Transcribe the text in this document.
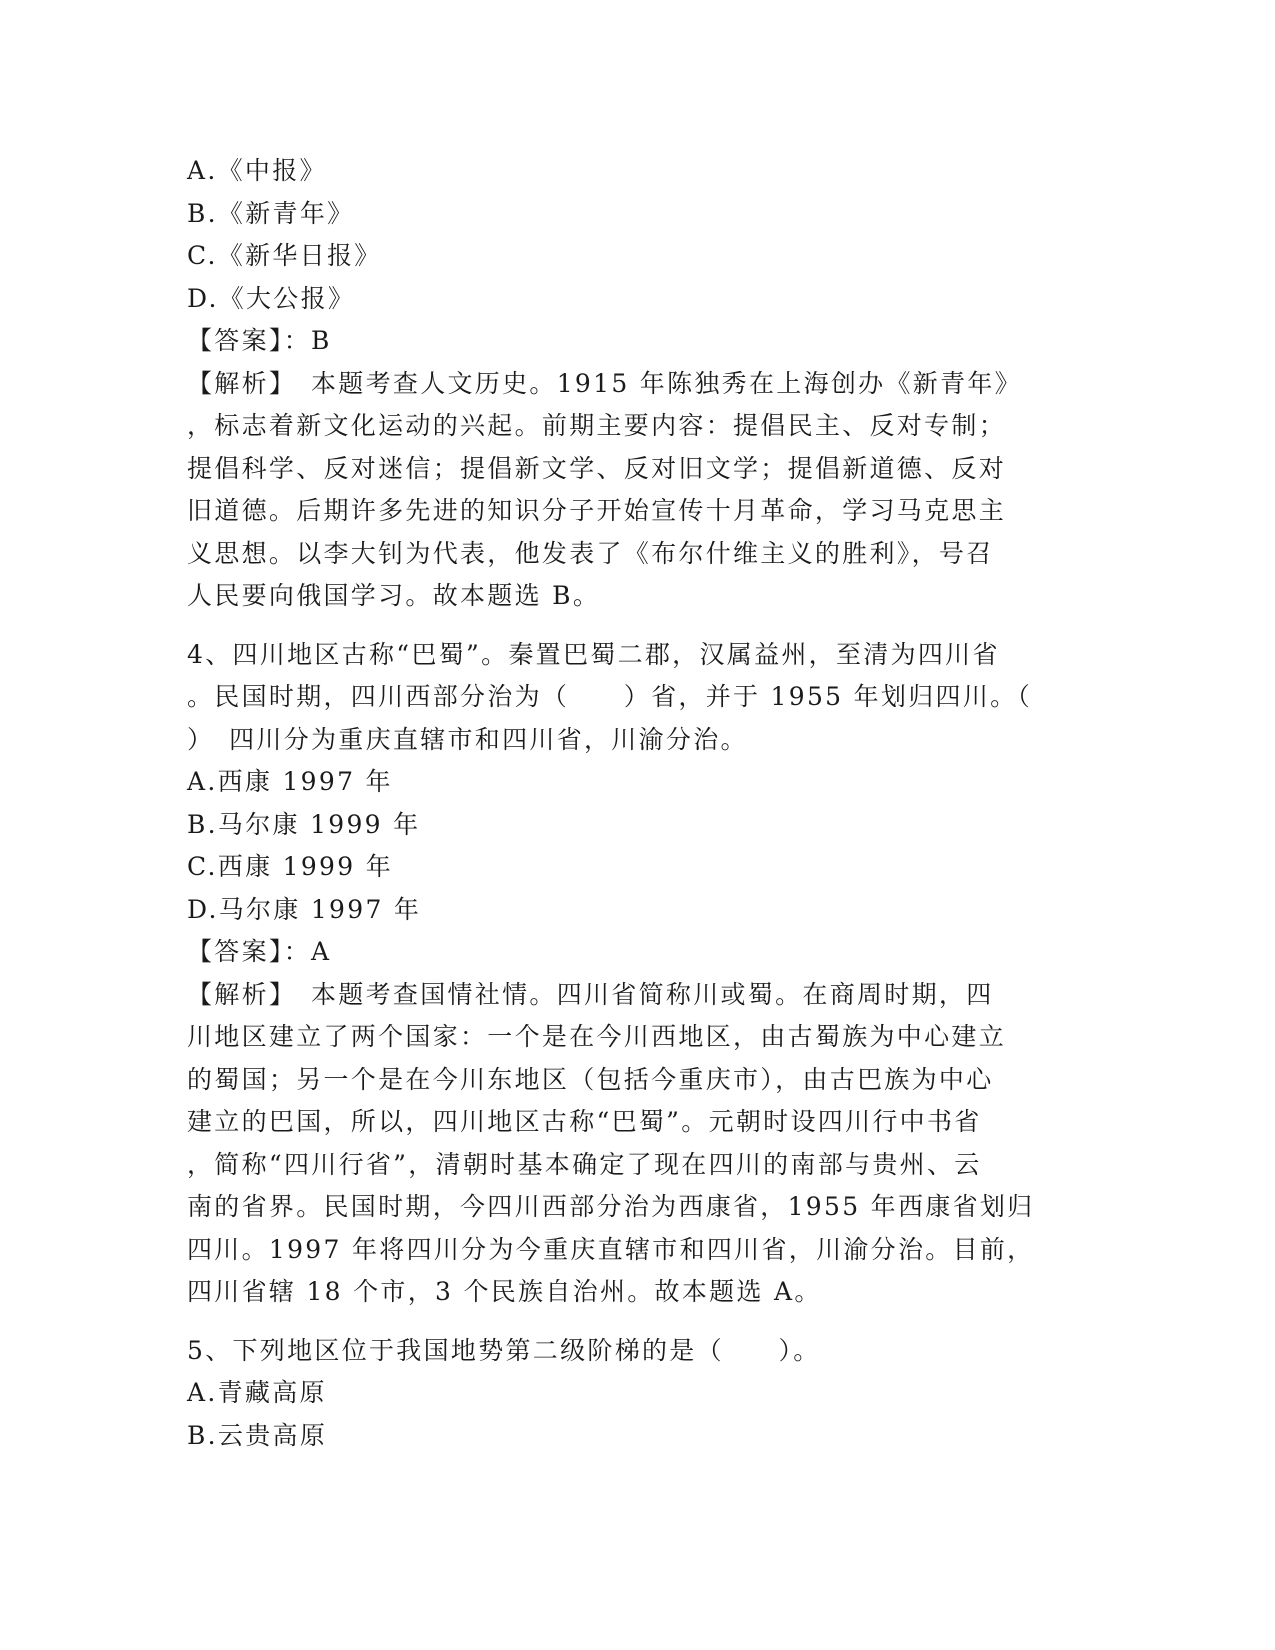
A.《中报》
B.《新青年》
C.《新华日报》
D.《大公报》
【答案】：B
【解析】　本题考查人文历史。1915 年陈独秀在上海创办《新青年》
，标志着新文化运动的兴起。前期主要内容：提倡民主、反对专制；
提倡科学、反对迷信；提倡新文学、反对旧文学；提倡新道德、反对
旧道德。后期许多先进的知识分子开始宣传十月革命，学习马克思主
义思想。以李大钊为代表，他发表了《布尔什维主义的胜利》，号召
人民要向俄国学习。故本题选 B。
4、四川地区古称“巴蜀”。秦置巴蜀二郡，汉属益州，至清为四川省
。民国时期，四川西部分治为（　　）省，并于 1955 年划归四川。（
）　四川分为重庆直辖市和四川省，川渝分治。
A.西康 1997 年
B.马尔康 1999 年
C.西康 1999 年
D.马尔康 1997 年
【答案】：A
【解析】　本题考查国情社情。四川省简称川或蜀。在商周时期，四
川地区建立了两个国家：一个是在今川西地区，由古蜀族为中心建立
的蜀国；另一个是在今川东地区（包括今重庆市），由古巴族为中心
建立的巴国，所以，四川地区古称“巴蜀”。元朝时设四川行中书省
，简称“四川行省”，清朝时基本确定了现在四川的南部与贵州、云
南的省界。民国时期，今四川西部分治为西康省，1955 年西康省划归
四川。1997 年将四川分为今重庆直辖市和四川省，川渝分治。目前，
四川省辖 18 个市，3 个民族自治州。故本题选 A。
5、下列地区位于我国地势第二级阶梯的是（　　）。
A.青藏高原
B.云贵高原
